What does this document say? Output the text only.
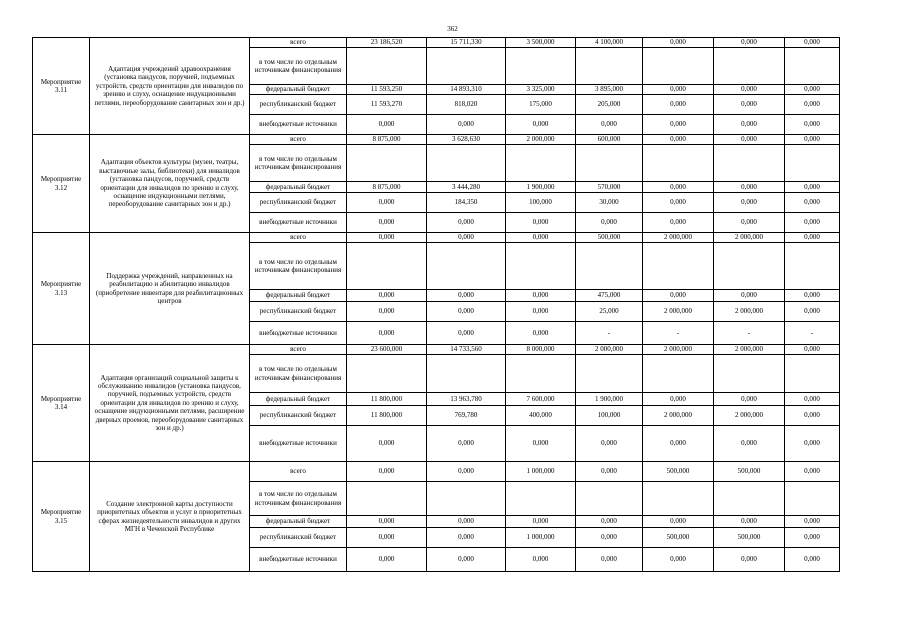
362
Мероприятие 3.11	Адаптация учреждений здравоохранения (установка пандусов, поручней, подъемных устройств, средств ориентации для инвалидов по зрению и слуху, оснащение индукционными петлями, переоборудование санитарных зон и др.)	всего	23 186,520	15 711,330	3 500,000	4 100,000	0,000	0,000	0,000
		в том числе по отдельным источникам финансирования							
		федеральный бюджет	11 593,250	14 893,310	3 325,000	3 895,000	0,000	0,000	0,000
		республиканский бюджет	11 593,270	818,020	175,000	205,000	0,000	0,000	0,000
		внебюджетные источники	0,000	0,000	0,000	0,000	0,000	0,000	0,000
Мероприятие 3.12	Адаптация объектов культуры (музеи, театры, выставочные залы, библиотеки) для инвалидов (установка пандусов, поручней, средств ориентации для инвалидов по зрению и слуху, оснащение индукционными петлями, переоборудование санитарных зон и др.)	всего	8 875,000	3 628,630	2 000,000	600,000	0,000	0,000	0,000
		в том числе по отдельным источникам финансирования							
		федеральный бюджет	8 875,000	3 444,280	1 900,000	570,000	0,000	0,000	0,000
		республиканский бюджет	0,000	184,350	100,000	30,000	0,000	0,000	0,000
		внебюджетные источники	0,000	0,000	0,000	0,000	0,000	0,000	0,000
Мероприятие 3.13	Поддержка учреждений, направленных на реабилитацию и абилитацию инвалидов (приобретение инвентаря для реабилитационных центров	всего	0,000	0,000	0,000	500,000	2 000,000	2 000,000	0,000
		в том числе по отдельным источникам финансирования							
		федеральный бюджет	0,000	0,000	0,000	475,000	0,000	0,000	0,000
		республиканский бюджет	0,000	0,000	0,000	25,000	2 000,000	2 000,000	0,000
		внебюджетные источники	0,000	0,000	0,000	-	-	-	-
Мероприятие 3.14	Адаптация организаций социальной защиты к обслуживанию инвалидов (установка пандусов, поручней, подъемных устройств, средств ориентации для инвалидов по зрению и слуху, оснащение индукционными петлями, расширение дверных проемов, переоборудование санитарных зон и др.)	всего	23 600,000	14 733,560	8 000,000	2 000,000	2 000,000	2 000,000	0,000
		в том числе по отдельным источникам финансирования							
		федеральный бюджет	11 800,000	13 963,780	7 600,000	1 900,000	0,000	0,000	0,000
		республиканский бюджет	11 800,000	769,780	400,000	100,000	2 000,000	2 000,000	0,000
		внебюджетные источники	0,000	0,000	0,000	0,000	0,000	0,000	0,000
Мероприятие 3.15	Создание электронной карты доступности приоритетных объектов и услуг в приоритетных сферах жизнедеятельности инвалидов и других МГН в Чеченской Республике	всего	0,000	0,000	1 000,000	0,000	500,000	500,000	0,000
		в том числе по отдельным источникам финансирования							
		федеральный бюджет	0,000	0,000	0,000	0,000	0,000	0,000	0,000
		республиканский бюджет	0,000	0,000	1 000,000	0,000	500,000	500,000	0,000
		внебюджетные источники	0,000	0,000	0,000	0,000	0,000	0,000	0,000
